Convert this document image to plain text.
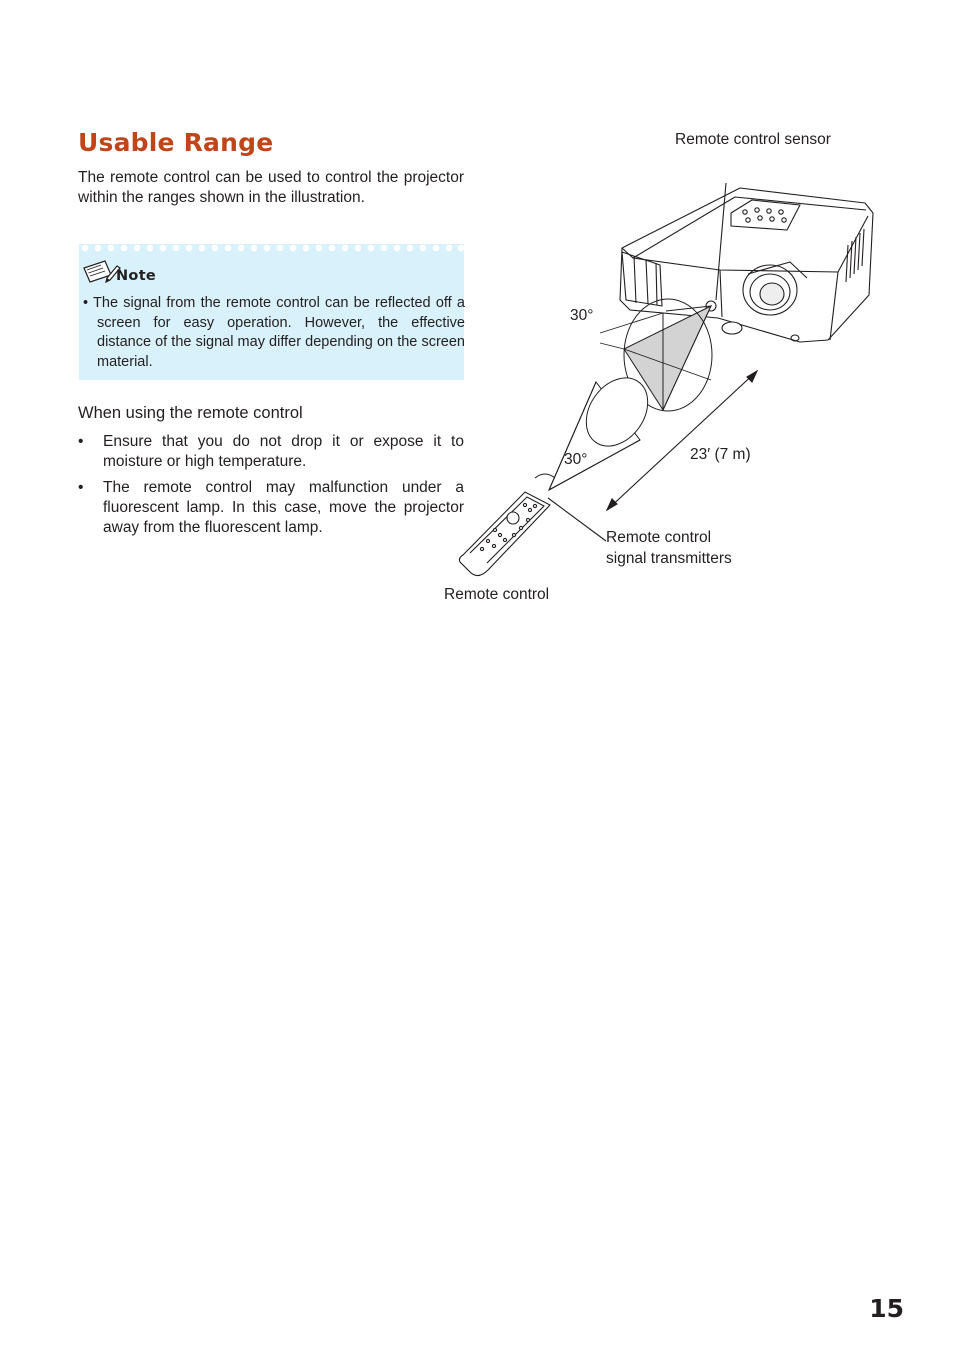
Usable Range

The remote control can be used to control the projector within the ranges shown in the illustration.

Note

• The signal from the remote control can be reflected off a screen for easy operation. However, the effective distance of the signal may differ depending on the screen material.

When using the remote control
• Ensure that you do not drop it or expose it to moisture or high temperature.
• The remote control may malfunction under a fluorescent lamp. In this case, move the projector away from the fluorescent lamp.
Remote control sensor
30°
30°	23′ (7 m)
Remote control
signal transmitters
Remote control
15
